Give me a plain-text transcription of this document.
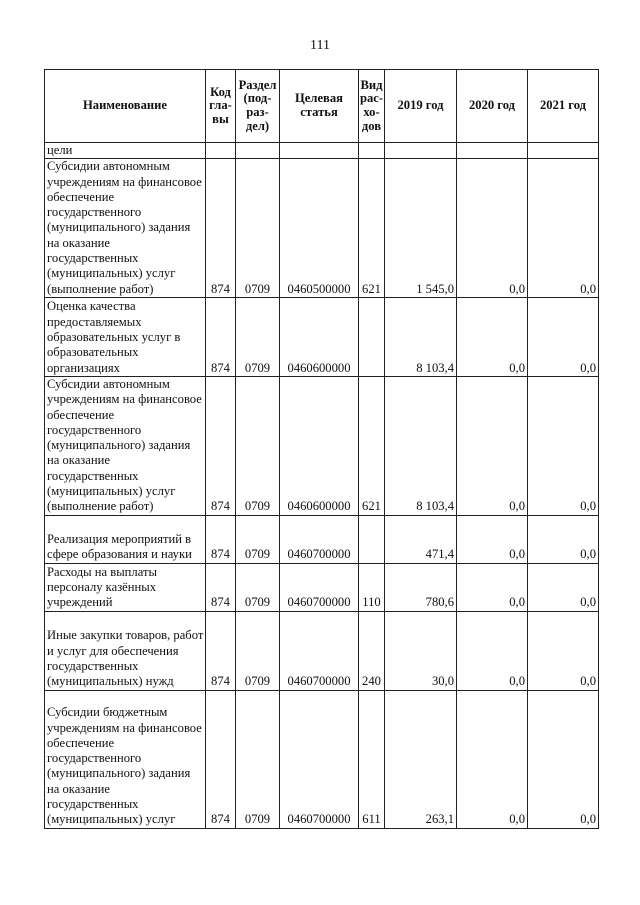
111
Наименование	Код гла-вы	Раздел (под-раз-дел)	Целевая статья	Вид рас-хо-дов	2019 год	2020 год	2021 год
цели							
Субсидии автономным учреждениям на финансовое обеспечение государственного (муниципального) задания на оказание государственных (муниципальных) услуг (выполнение работ)	874	0709	0460500000	621	1 545,0	0,0	0,0
Оценка качества предоставляемых образовательных услуг в образовательных организациях	874	0709	0460600000		8 103,4	0,0	0,0
Субсидии автономным учреждениям на финансовое обеспечение государственного (муниципального) задания на оказание государственных (муниципальных) услуг (выполнение работ)	874	0709	0460600000	621	8 103,4	0,0	0,0
Реализация мероприятий в сфере образования и науки	874	0709	0460700000		471,4	0,0	0,0
Расходы на выплаты персоналу казённых учреждений	874	0709	0460700000	110	780,6	0,0	0,0
Иные закупки товаров, работ и услуг для обеспечения государственных (муниципальных) нужд	874	0709	0460700000	240	30,0	0,0	0,0
Субсидии бюджетным учреждениям на финансовое обеспечение государственного (муниципального) задания на оказание государственных (муниципальных) услуг	874	0709	0460700000	611	263,1	0,0	0,0
